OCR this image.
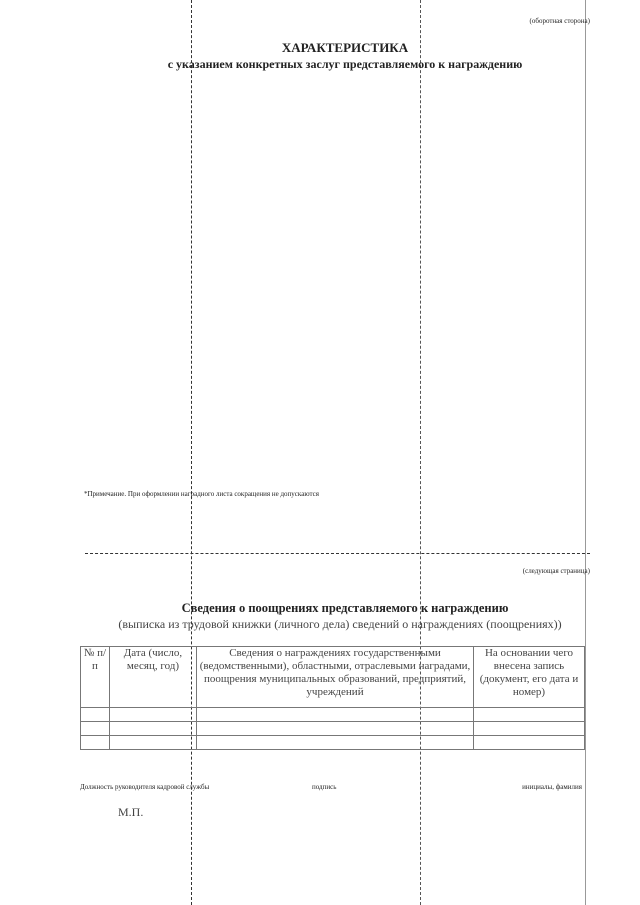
(оборотная сторона)
ХАРАКТЕРИСТИКА
с указанием конкретных заслуг представляемого к награждению
*Примечание. При оформлении наградного листа сокращения не допускаются
(следующая страница)
Сведения о поощрениях представляемого к награждению
(выписка из трудовой книжки (личного дела) сведений о награждениях (поощрениях))
№ п/п	Дата (число, месяц, год)	Сведения о награждениях государственными (ведомственными), областными, отраслевыми наградами, поощрения муниципальных образований, предприятий, учреждений	На основании чего внесена запись (документ, его дата и номер)

Должность руководителя кадровой службы	подпись	инициалы, фамилия
М.П.
